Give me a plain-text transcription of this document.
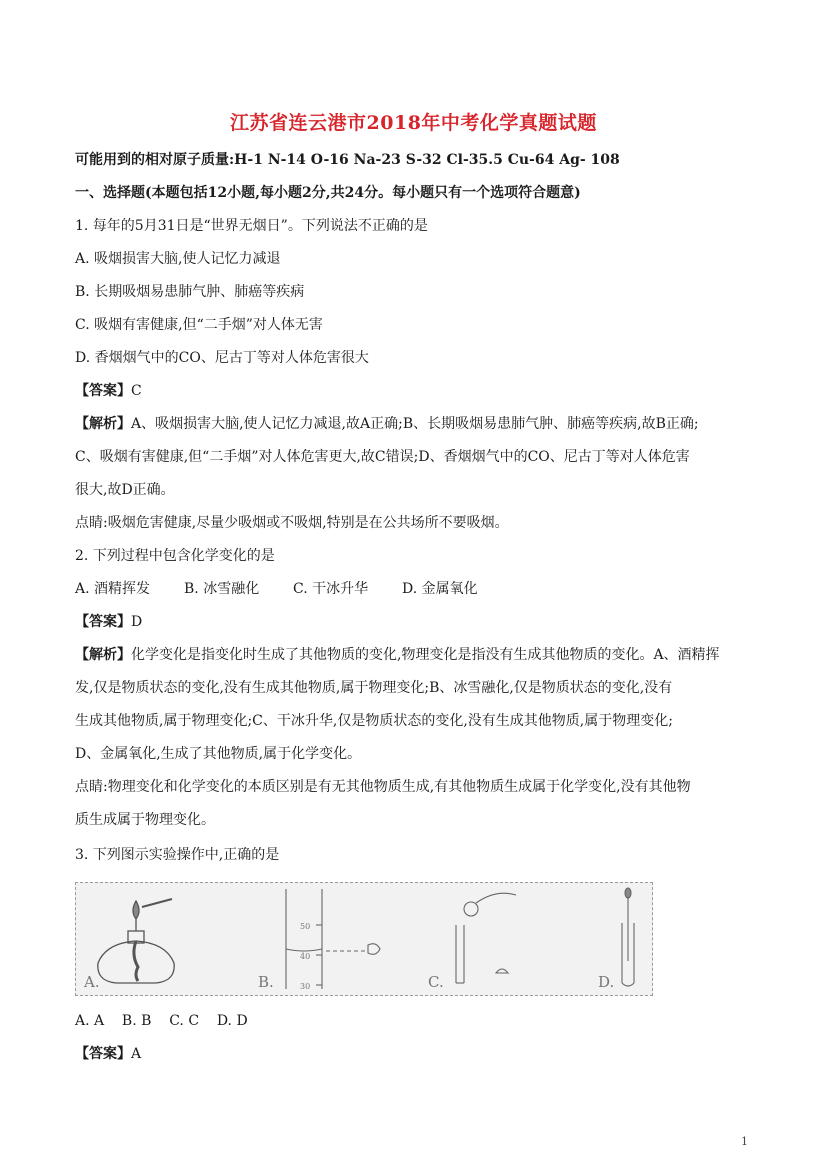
江苏省连云港市2018年中考化学真题试题
可能用到的相对原子质量:H-1 N-14 O-16 Na-23 S-32 Cl-35.5 Cu-64 Ag- 108
一、选择题(本题包括12小题,每小题2分,共24分。每小题只有一个选项符合题意)
1. 每年的5月31日是“世界无烟日”。下列说法不正确的是
A. 吸烟损害大脑,使人记忆力减退
B. 长期吸烟易患肺气肿、肺癌等疾病
C. 吸烟有害健康,但“二手烟”对人体无害
D. 香烟烟气中的CO、尼古丁等对人体危害很大
【答案】C
【解析】A、吸烟损害大脑,使人记忆力减退,故A正确;B、长期吸烟易患肺气肿、肺癌等疾病,故B正确;
C、吸烟有害健康,但“二手烟”对人体危害更大,故C错误;D、香烟烟气中的CO、尼古丁等对人体危害
很大,故D正确。
点睛:吸烟危害健康,尽量少吸烟或不吸烟,特别是在公共场所不要吸烟。
2. 下列过程中包含化学变化的是
A. 酒精挥发 B. 冰雪融化 C. 干冰升华 D. 金属氧化
【答案】D
【解析】化学变化是指变化时生成了其他物质的变化,物理变化是指没有生成其他物质的变化。A、酒精挥
发,仅是物质状态的变化,没有生成其他物质,属于物理变化;B、冰雪融化,仅是物质状态的变化,没有
生成其他物质,属于物理变化;C、干冰升华,仅是物质状态的变化,没有生成其他物质,属于物理变化;
D、金属氧化,生成了其他物质,属于化学变化。
点睛:物理变化和化学变化的本质区别是有无其他物质生成,有其他物质生成属于化学变化,没有其他物
质生成属于物理变化。
3. 下列图示实验操作中,正确的是
A.
50
40
30
B.	C.	D.
A. A    B. B    C. C    D. D
【答案】A
1
